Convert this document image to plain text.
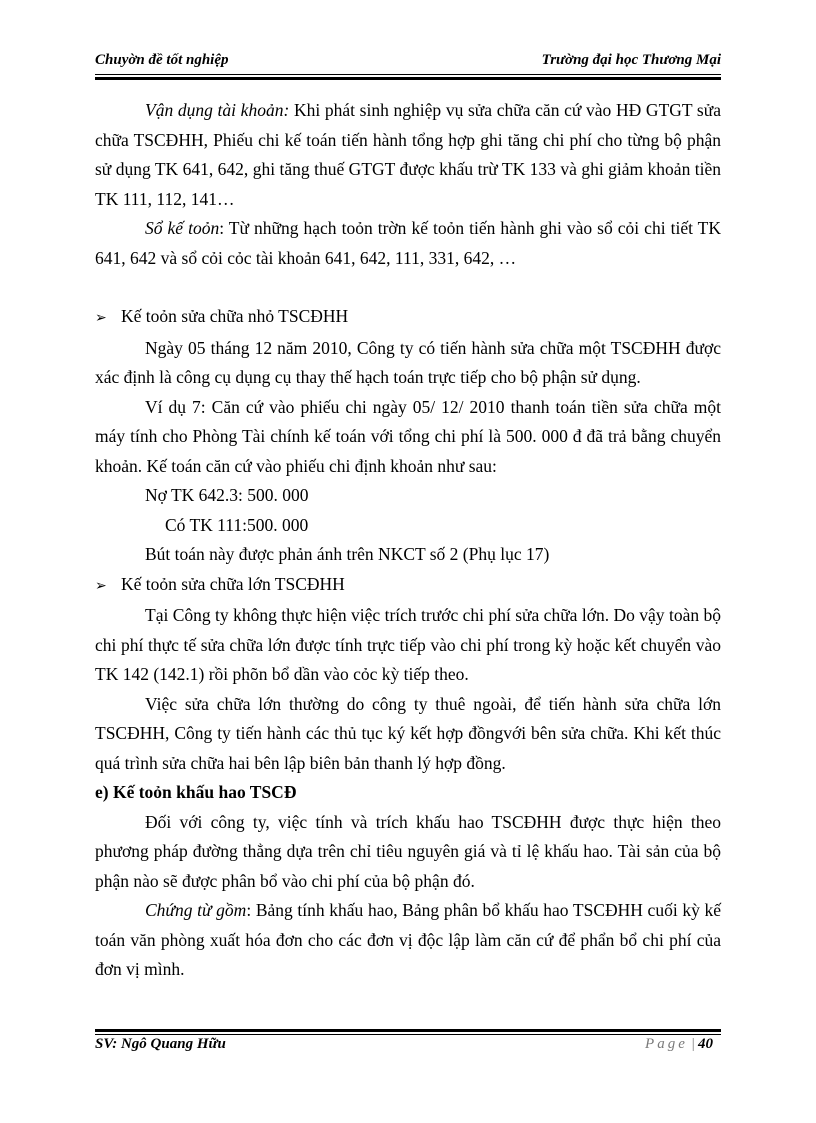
Chuyờn đề tốt nghiệp	Trường đại học Thương Mại

Vận dụng tài khoản: Khi phát sinh nghiệp vụ sửa chữa căn cứ vào HĐ GTGT sửa chữa TSCĐHH, Phiếu chi kế toán tiến hành tổng hợp ghi tăng chi phí cho từng bộ phận sử dụng TK 641, 642, ghi tăng thuế GTGT được khấu trừ TK 133 và ghi giảm khoản tiền TK 111, 112, 141…

Sổ kế toỏn: Từ những hạch toỏn trờn kế toỏn tiến hành ghi vào sổ cỏi chi tiết TK 641, 642 và sổ cỏi cỏc tài khoản 641, 642, 111, 331, 642, …

➢ Kế toỏn sửa chữa nhỏ TSCĐHH

Ngày 05 tháng 12 năm 2010, Công ty có tiến hành sửa chữa một TSCĐHH được xác định là công cụ dụng cụ thay thế hạch toán trực tiếp cho bộ phận sử dụng.

Ví dụ 7: Căn cứ vào phiếu chi ngày 05/ 12/ 2010 thanh toán tiền sửa chữa một máy tính cho Phòng Tài chính kế toán với tổng chi phí là 500. 000 đ đã trả bằng chuyển khoản. Kế toán căn cứ vào phiếu chi định khoản như sau:

Nợ TK 642.3: 500. 000

Có TK 111:500. 000

Bút toán này được phản ánh trên NKCT số 2 (Phụ lục 17)

➢ Kế toỏn sửa chữa lớn TSCĐHH

Tại Công ty không thực hiện việc trích trước chi phí sửa chữa lớn. Do vậy toàn bộ chi phí thực tế sửa chữa lớn được tính trực tiếp vào chi phí trong kỳ hoặc kết chuyển vào TK 142 (142.1) rồi phõn bổ dần vào cỏc kỳ tiếp theo.

Việc sửa chữa lớn thường do công ty thuê ngoài, để tiến hành sửa chữa lớn TSCĐHH, Công ty tiến hành các thủ tục ký kết hợp đồngvới bên sửa chữa. Khi kết thúc quá trình sửa chữa hai bên lập biên bản thanh lý hợp đồng.

e) Kế toỏn khấu hao TSCĐ

Đối với công ty, việc tính và trích khấu hao TSCĐHH được thực hiện theo phương pháp đường thẳng dựa trên chỉ tiêu nguyên giá và tỉ lệ khấu hao. Tài sản của bộ phận nào sẽ được phân bổ vào chi phí của bộ phận đó.

Chứng từ gồm: Bảng tính khấu hao, Bảng phân bổ khấu hao TSCĐHH cuối kỳ kế toán văn phòng xuất hóa đơn cho các đơn vị độc lập làm căn cứ để phẩn bổ chi phí của đơn vị mình.

SV: Ngô Quang Hữu	Page | 40
